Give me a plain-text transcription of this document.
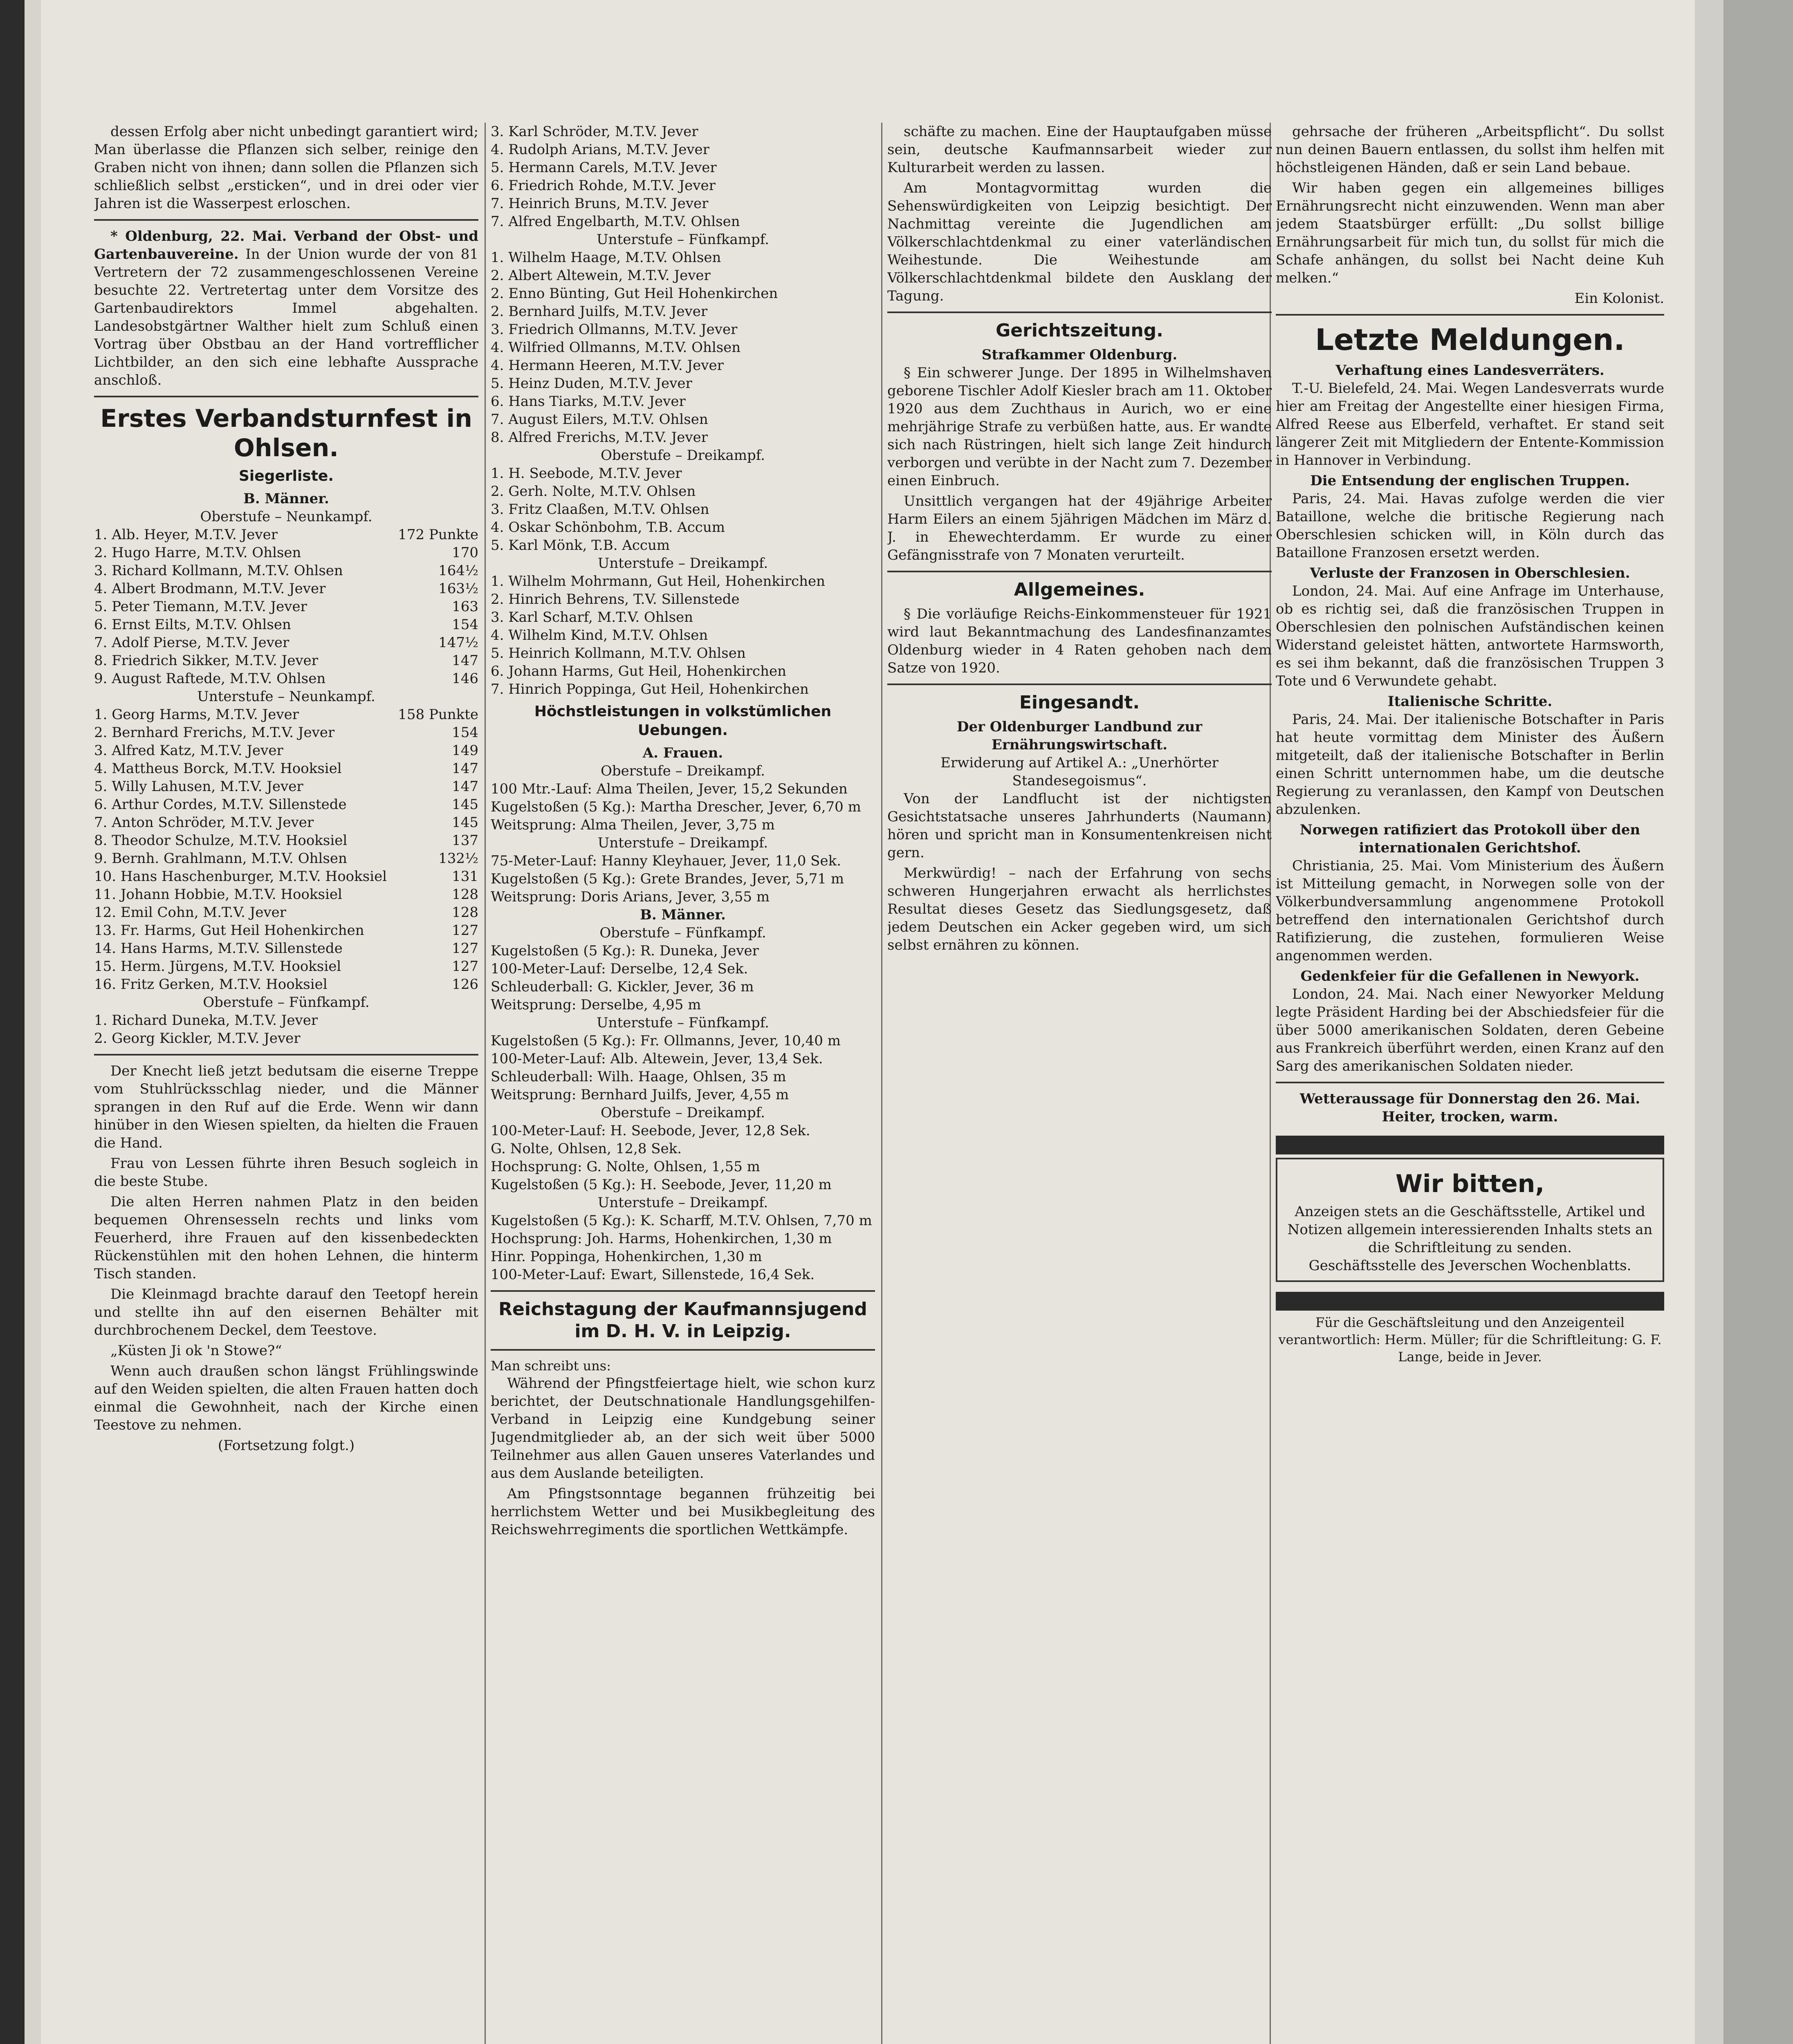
dessen Erfolg aber nicht unbedingt garantiert wird; Man überlasse die Pflanzen sich selber, reinige den Graben nicht von ihnen; dann sollen die Pflanzen sich schließlich selbst „ersticken“, und in drei oder vier Jahren ist die Wasserpest erloschen.

* Oldenburg, 22. Mai. Verband der Obst- und Gartenbauvereine. In der Union wurde der von 81 Vertretern der 72 zusammengeschlossenen Vereine besuchte 22. Vertretertag unter dem Vorsitze des Gartenbaudirektors Immel abgehalten. Landesobstgärtner Walther hielt zum Schluß einen Vortrag über Obstbau an der Hand vortrefflicher Lichtbilder, an den sich eine lebhafte Aussprache anschloß.

Erstes Verbandsturnfest in Ohlsen.
Siegerliste.
B. Männer.
Oberstufe – Neunkampf.
1. Alb. Heyer, M.T.V. Jever	172 Punkte
2. Hugo Harre, M.T.V. Ohlsen	170
3. Richard Kollmann, M.T.V. Ohlsen	164½
4. Albert Brodmann, M.T.V. Jever	163½
5. Peter Tiemann, M.T.V. Jever	163
6. Ernst Eilts, M.T.V. Ohlsen	154
7. Adolf Pierse, M.T.V. Jever	147½
8. Friedrich Sikker, M.T.V. Jever	147
9. August Raftede, M.T.V. Ohlsen	146
Unterstufe – Neunkampf.
1. Georg Harms, M.T.V. Jever	158 Punkte
2. Bernhard Frerichs, M.T.V. Jever	154
3. Alfred Katz, M.T.V. Jever	149
4. Mattheus Borck, M.T.V. Hooksiel	147
5. Willy Lahusen, M.T.V. Jever	147
6. Arthur Cordes, M.T.V. Sillenstede	145
7. Anton Schröder, M.T.V. Jever	145
8. Theodor Schulze, M.T.V. Hooksiel	137
9. Bernh. Grahlmann, M.T.V. Ohlsen	132½
10. Hans Haschenburger, M.T.V. Hooksiel	131
11. Johann Hobbie, M.T.V. Hooksiel	128
12. Emil Cohn, M.T.V. Jever	128
13. Fr. Harms, Gut Heil Hohenkirchen	127
14. Hans Harms, M.T.V. Sillenstede	127
15. Herm. Jürgens, M.T.V. Hooksiel	127
16. Fritz Gerken, M.T.V. Hooksiel	126
Oberstufe – Fünfkampf.
1. Richard Duneka, M.T.V. Jever
2. Georg Kickler, M.T.V. Jever

Der Knecht ließ jetzt bedutsam die eiserne Treppe vom Stuhlrücksschlag nieder, und die Männer sprangen in den Ruf auf die Erde. Wenn wir dann hinüber in den Wiesen spielten, da hielten die Frauen die Hand.

Frau von Lessen führte ihren Besuch sogleich in die beste Stube.

Die alten Herren nahmen Platz in den beiden bequemen Ohrensesseln rechts und links vom Feuerherd, ihre Frauen auf den kissenbedeckten Rückenstühlen mit den hohen Lehnen, die hinterm Tisch standen.

Die Kleinmagd brachte darauf den Teetopf herein und stellte ihn auf den eisernen Behälter mit durchbrochenem Deckel, dem Teestove.

„Küsten Ji ok 'n Stowe?“

Wenn auch draußen schon längst Frühlingswinde auf den Weiden spielten, die alten Frauen hatten doch einmal die Gewohnheit, nach der Kirche einen Teestove zu nehmen.

(Fortsetzung folgt.)
3. Karl Schröder, M.T.V. Jever
4. Rudolph Arians, M.T.V. Jever
5. Hermann Carels, M.T.V. Jever
6. Friedrich Rohde, M.T.V. Jever
7. Heinrich Bruns, M.T.V. Jever
7. Alfred Engelbarth, M.T.V. Ohlsen
Unterstufe – Fünfkampf.
1. Wilhelm Haage, M.T.V. Ohlsen
2. Albert Altewein, M.T.V. Jever
2. Enno Bünting, Gut Heil Hohenkirchen
2. Bernhard Juilfs, M.T.V. Jever
3. Friedrich Ollmanns, M.T.V. Jever
4. Wilfried Ollmanns, M.T.V. Ohlsen
4. Hermann Heeren, M.T.V. Jever
5. Heinz Duden, M.T.V. Jever
6. Hans Tiarks, M.T.V. Jever
7. August Eilers, M.T.V. Ohlsen
8. Alfred Frerichs, M.T.V. Jever
Oberstufe – Dreikampf.
1. H. Seebode, M.T.V. Jever
2. Gerh. Nolte, M.T.V. Ohlsen
3. Fritz Claaßen, M.T.V. Ohlsen
4. Oskar Schönbohm, T.B. Accum
5. Karl Mönk, T.B. Accum
Unterstufe – Dreikampf.
1. Wilhelm Mohrmann, Gut Heil, Hohenkirchen
2. Hinrich Behrens, T.V. Sillenstede
3. Karl Scharf, M.T.V. Ohlsen
4. Wilhelm Kind, M.T.V. Ohlsen
5. Heinrich Kollmann, M.T.V. Ohlsen
6. Johann Harms, Gut Heil, Hohenkirchen
7. Hinrich Poppinga, Gut Heil, Hohenkirchen
Höchstleistungen in volkstümlichen Uebungen.
A. Frauen.
Oberstufe – Dreikampf.
100 Mtr.-Lauf: Alma Theilen, Jever, 15,2 Sekunden
Kugelstoßen (5 Kg.): Martha Drescher, Jever, 6,70 m
Weitsprung: Alma Theilen, Jever, 3,75 m
Unterstufe – Dreikampf.
75-Meter-Lauf: Hanny Kleyhauer, Jever, 11,0 Sek.
Kugelstoßen (5 Kg.): Grete Brandes, Jever, 5,71 m
Weitsprung: Doris Arians, Jever, 3,55 m
B. Männer.
Oberstufe – Fünfkampf.
Kugelstoßen (5 Kg.): R. Duneka, Jever
100-Meter-Lauf: Derselbe, 12,4 Sek.
Schleuderball: G. Kickler, Jever, 36 m
Weitsprung: Derselbe, 4,95 m
Unterstufe – Fünfkampf.
Kugelstoßen (5 Kg.): Fr. Ollmanns, Jever, 10,40 m
100-Meter-Lauf: Alb. Altewein, Jever, 13,4 Sek.
Schleuderball: Wilh. Haage, Ohlsen, 35 m
Weitsprung: Bernhard Juilfs, Jever, 4,55 m
Oberstufe – Dreikampf.
100-Meter-Lauf: H. Seebode, Jever, 12,8 Sek.
G. Nolte, Ohlsen, 12,8 Sek.
Hochsprung: G. Nolte, Ohlsen, 1,55 m
Kugelstoßen (5 Kg.): H. Seebode, Jever, 11,20 m
Unterstufe – Dreikampf.
Kugelstoßen (5 Kg.): K. Scharff, M.T.V. Ohlsen, 7,70 m
Hochsprung: Joh. Harms, Hohenkirchen, 1,30 m
Hinr. Poppinga, Hohenkirchen, 1,30 m
100-Meter-Lauf: Ewart, Sillenstede, 16,4 Sek.
Reichstagung der Kaufmannsjugend im D. H. V. in Leipzig.
Man schreibt uns:

Während der Pfingstfeiertage hielt, wie schon kurz berichtet, der Deutschnationale Handlungsgehilfen-Verband in Leipzig eine Kundgebung seiner Jugendmitglieder ab, an der sich weit über 5000 Teilnehmer aus allen Gauen unseres Vaterlandes und aus dem Auslande beteiligten.

Am Pfingstsonntage begannen frühzeitig bei herrlichstem Wetter und bei Musikbegleitung des Reichswehrregiments die sportlichen Wettkämpfe.

schäfte zu machen. Eine der Hauptaufgaben müsse sein, deutsche Kaufmannsarbeit wieder zur Kulturarbeit werden zu lassen.

Am Montagvormittag wurden die Sehenswürdigkeiten von Leipzig besichtigt. Der Nachmittag vereinte die Jugendlichen am Völkerschlachtdenkmal zu einer vaterländischen Weihestunde. Die Weihestunde am Völkerschlachtdenkmal bildete den Ausklang der Tagung.

Gerichtszeitung.
Strafkammer Oldenburg.

§ Ein schwerer Junge. Der 1895 in Wilhelmshaven geborene Tischler Adolf Kiesler brach am 11. Oktober 1920 aus dem Zuchthaus in Aurich, wo er eine mehrjährige Strafe zu verbüßen hatte, aus. Er wandte sich nach Rüstringen, hielt sich lange Zeit hindurch verborgen und verübte in der Nacht zum 7. Dezember einen Einbruch.

Unsittlich vergangen hat der 49jährige Arbeiter Harm Eilers an einem 5jährigen Mädchen im März d. J. in Ehewechterdamm. Er wurde zu einer Gefängnisstrafe von 7 Monaten verurteilt.

Allgemeines.

§ Die vorläufige Reichs-Einkommensteuer für 1921 wird laut Bekanntmachung des Landesfinanzamtes Oldenburg wieder in 4 Raten gehoben nach dem Satze von 1920.

Eingesandt.
Der Oldenburger Landbund zur Ernährungswirtschaft.
Erwiderung auf Artikel A.: „Unerhörter Standesegoismus“.

Von der Landflucht ist der nichtigsten Gesichtstatsache unseres Jahrhunderts (Naumann) hören und spricht man in Konsumentenkreisen nicht gern.

Merkwürdig! – nach der Erfahrung von sechs schweren Hungerjahren erwacht als herrlichstes Resultat dieses Gesetz das Siedlungsgesetz, daß jedem Deutschen ein Acker gegeben wird, um sich selbst ernähren zu können.

gehrsache der früheren „Arbeitspflicht“. Du sollst nun deinen Bauern entlassen, du sollst ihm helfen mit höchstleigenen Händen, daß er sein Land bebaue.

Wir haben gegen ein allgemeines billiges Ernährungsrecht nicht einzuwenden. Wenn man aber jedem Staatsbürger erfüllt: „Du sollst billige Ernährungsarbeit für mich tun, du sollst für mich die Schafe anhängen, du sollst bei Nacht deine Kuh melken.“

Ein Kolonist.
Letzte Meldungen.
Verhaftung eines Landesverräters.

T.-U. Bielefeld, 24. Mai. Wegen Landesverrats wurde hier am Freitag der Angestellte einer hiesigen Firma, Alfred Reese aus Elberfeld, verhaftet. Er stand seit längerer Zeit mit Mitgliedern der Entente-Kommission in Hannover in Verbindung.

Die Entsendung der englischen Truppen.

Paris, 24. Mai. Havas zufolge werden die vier Bataillone, welche die britische Regierung nach Oberschlesien schicken will, in Köln durch das Bataillone Franzosen ersetzt werden.

Verluste der Franzosen in Oberschlesien.

London, 24. Mai. Auf eine Anfrage im Unterhause, ob es richtig sei, daß die französischen Truppen in Oberschlesien den polnischen Aufständischen keinen Widerstand geleistet hätten, antwortete Harmsworth, es sei ihm bekannt, daß die französischen Truppen 3 Tote und 6 Verwundete gehabt.

Italienische Schritte.

Paris, 24. Mai. Der italienische Botschafter in Paris hat heute vormittag dem Minister des Äußern mitgeteilt, daß der italienische Botschafter in Berlin einen Schritt unternommen habe, um die deutsche Regierung zu veranlassen, den Kampf von Deutschen abzulenken.

Norwegen ratifiziert das Protokoll über den internationalen Gerichtshof.

Christiania, 25. Mai. Vom Ministerium des Äußern ist Mitteilung gemacht, in Norwegen solle von der Völkerbundversammlung angenommene Protokoll betreffend den internationalen Gerichtshof durch Ratifizierung, die zustehen, formulieren Weise angenommen werden.

Gedenkfeier für die Gefallenen in Newyork.

London, 24. Mai. Nach einer Newyorker Meldung legte Präsident Harding bei der Abschiedsfeier für die über 5000 amerikanischen Soldaten, deren Gebeine aus Frankreich überführt werden, einen Kranz auf den Sarg des amerikanischen Soldaten nieder.

Wetteraussage für Donnerstag den 26. Mai. Heiter, trocken, warm.
Wir bitten,
Anzeigen stets an die Geschäftsstelle, Artikel und Notizen allgemein interessierenden Inhalts stets an die Schriftleitung zu senden.
Geschäftsstelle des Jeverschen Wochenblatts.
Für die Geschäftsleitung und den Anzeigenteil verantwortlich: Herm. Müller; für die Schriftleitung: G. F. Lange, beide in Jever.
